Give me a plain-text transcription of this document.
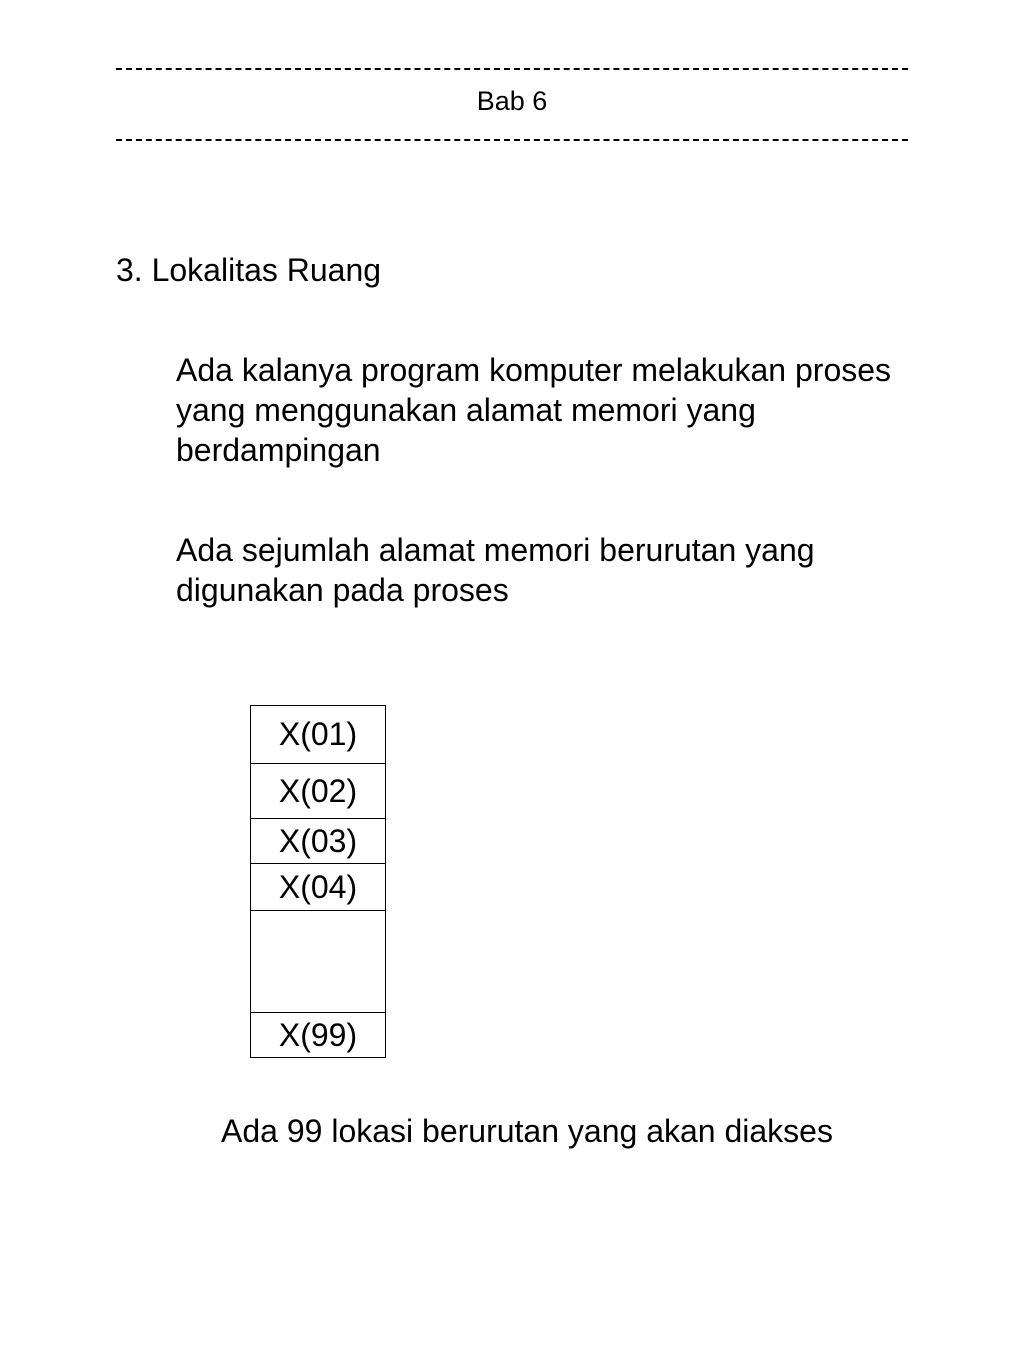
Bab 6
3. Lokalitas Ruang
Ada kalanya program komputer melakukan proses
yang menggunakan alamat memori yang
berdampingan
Ada sejumlah alamat memori berurutan yang
digunakan pada proses
X(01)
X(02)
X(03)
X(04)
X(99)
Ada 99 lokasi berurutan yang akan diakses
